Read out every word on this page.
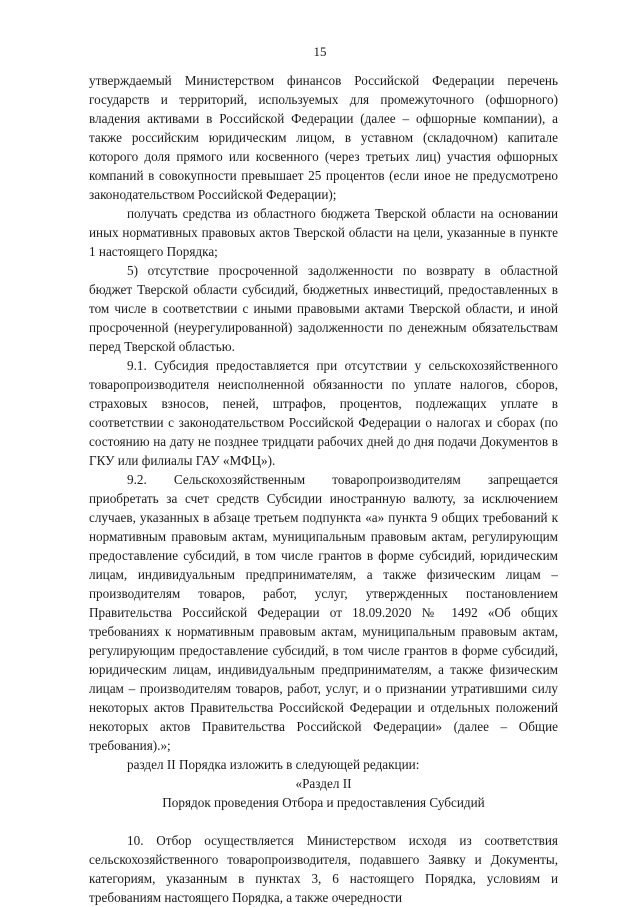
15

утверждаемый Министерством финансов Российской Федерации перечень государств и территорий, используемых для промежуточного (офшорного) владения активами в Российской Федерации (далее – офшорные компании), а также российским юридическим лицом, в уставном (складочном) капитале которого доля прямого или косвенного (через третьих лиц) участия офшорных компаний в совокупности превышает 25 процентов (если иное не предусмотрено законодательством Российской Федерации);

получать средства из областного бюджета Тверской области на основании иных нормативных правовых актов Тверской области на цели, указанные в пункте 1 настоящего Порядка;

5) отсутствие просроченной задолженности по возврату в областной бюджет Тверской области субсидий, бюджетных инвестиций, предоставленных в том числе в соответствии с иными правовыми актами Тверской области, и иной просроченной (неурегулированной) задолженности по денежным обязательствам перед Тверской областью.

9.1. Субсидия предоставляется при отсутствии у сельскохозяйственного товаропроизводителя неисполненной обязанности по уплате налогов, сборов, страховых взносов, пеней, штрафов, процентов, подлежащих уплате в соответствии с законодательством Российской Федерации о налогах и сборах (по состоянию на дату не позднее тридцати рабочих дней до дня подачи Документов в ГКУ или филиалы ГАУ «МФЦ»).

9.2. Сельскохозяйственным товаропроизводителям запрещается приобретать за счет средств Субсидии иностранную валюту, за исключением случаев, указанных в абзаце третьем подпункта «а» пункта 9 общих требований к нормативным правовым актам, муниципальным правовым актам, регулирующим предоставление субсидий, в том числе грантов в форме субсидий, юридическим лицам, индивидуальным предпринимателям, а также физическим лицам – производителям товаров, работ, услуг, утвержденных постановлением Правительства Российской Федерации от 18.09.2020 № 1492 «Об общих требованиях к нормативным правовым актам, муниципальным правовым актам, регулирующим предоставление субсидий, в том числе грантов в форме субсидий, юридическим лицам, индивидуальным предпринимателям, а также физическим лицам – производителям товаров, работ, услуг, и о признании утратившими силу некоторых актов Правительства Российской Федерации и отдельных положений некоторых актов Правительства Российской Федерации» (далее – Общие требования).»;

раздел II Порядка изложить в следующей редакции:

«Раздел II

Порядок проведения Отбора и предоставления Субсидий

10. Отбор осуществляется Министерством исходя из соответствия сельскохозяйственного товаропроизводителя, подавшего Заявку и Документы, категориям, указанным в пунктах 3, 6 настоящего Порядка, условиям и требованиям настоящего Порядка, а также очередности
